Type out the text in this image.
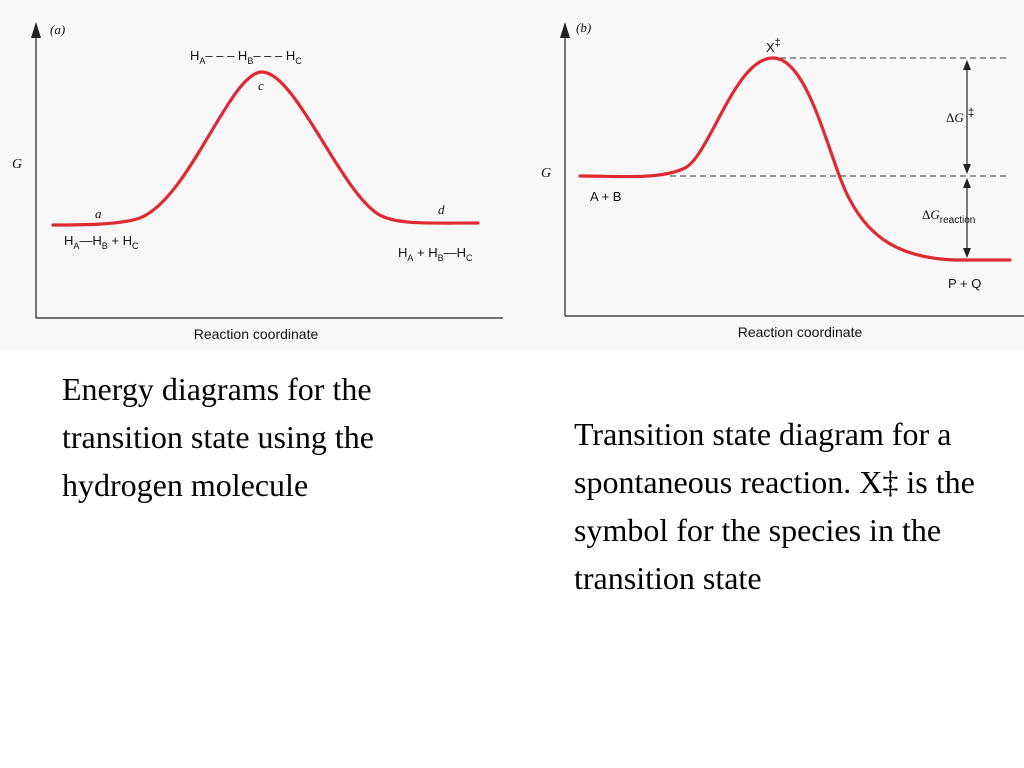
(a)
G
Reaction coordinate
a
c
d
$H_A-$ – – $H_B-$ – – $H_C$
$H_A—H_B + H_C$	$H_A$ + $H_B—H_C$
(b)
G
Reaction coordinate
X‡
A + B
P + Q
ΔG ‡
$\Delta G_{reaction}$

Energy diagrams for the transition state using the hydrogen molecule

Transition state diagram for a spontaneous reaction. X‡ is the symbol for the species in the transition state
